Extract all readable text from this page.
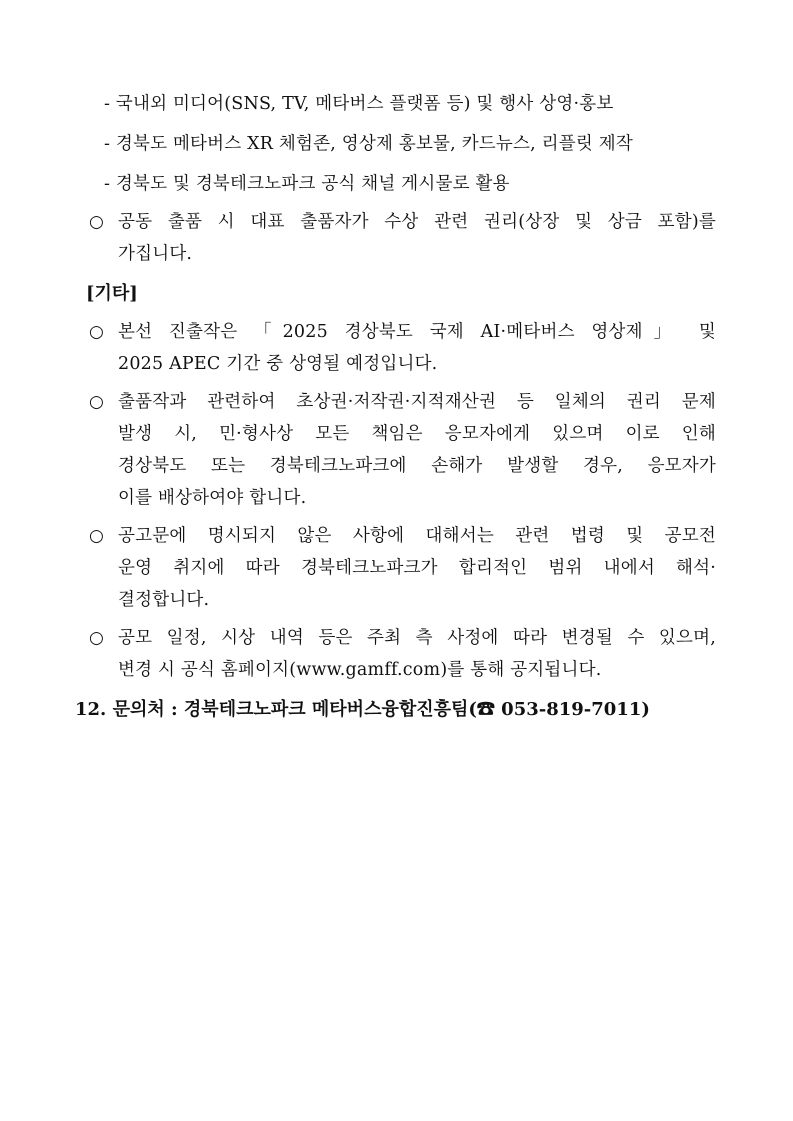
- 국내외 미디어(SNS, TV, 메타버스 플랫폼 등) 및 행사 상영·홍보
- 경북도 메타버스 XR 체험존, 영상제 홍보물, 카드뉴스, 리플릿 제작
- 경북도 및 경북테크노파크 공식 채널 게시물로 활용
○ 공동 출품 시 대표 출품자가 수상 관련 권리(상장 및 상금 포함)를
가집니다.
[기타]
○ 본선 진출작은 「2025 경상북도 국제 AI·메타버스 영상제」 및
2025 APEC 기간 중 상영될 예정입니다.
○ 출품작과 관련하여 초상권·저작권·지적재산권 등 일체의 권리 문제
발생 시, 민·형사상 모든 책임은 응모자에게 있으며 이로 인해
경상북도 또는 경북테크노파크에 손해가 발생할 경우, 응모자가
이를 배상하여야 합니다.
○ 공고문에 명시되지 않은 사항에 대해서는 관련 법령 및 공모전
운영 취지에 따라 경북테크노파크가 합리적인 범위 내에서 해석·
결정합니다.
○ 공모 일정, 시상 내역 등은 주최 측 사정에 따라 변경될 수 있으며,
변경 시 공식 홈페이지(www.gamff.com)를 통해 공지됩니다.
12. 문의처 : 경북테크노파크 메타버스융합진흥팀(☎ 053-819-7011)
